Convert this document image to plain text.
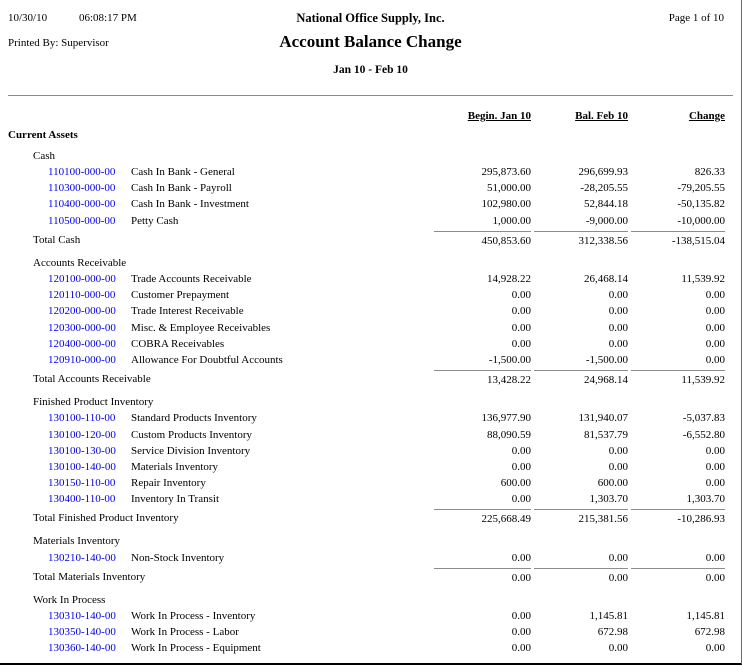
10/30/10	06:08:17 PM
Printed By: Supervisor
National Office Supply, Inc.
Account Balance Change
Jan 10 - Feb 10
Page 1 of 10
Begin. Jan 10	Bal. Feb 10	Change
Current Assets
Cash
110100-000-00	Cash In Bank - General	295,873.60	296,699.93	826.33
110300-000-00	Cash In Bank - Payroll	51,000.00	-28,205.55	-79,205.55
110400-000-00	Cash In Bank - Investment	102,980.00	52,844.18	-50,135.82
110500-000-00	Petty Cash	1,000.00	-9,000.00	-10,000.00
Total Cash	450,853.60	312,338.56	-138,515.04
Accounts Receivable
120100-000-00	Trade Accounts Receivable	14,928.22	26,468.14	11,539.92
120110-000-00	Customer Prepayment	0.00	0.00	0.00
120200-000-00	Trade Interest Receivable	0.00	0.00	0.00
120300-000-00	Misc. & Employee Receivables	0.00	0.00	0.00
120400-000-00	COBRA Receivables	0.00	0.00	0.00
120910-000-00	Allowance For Doubtful Accounts	-1,500.00	-1,500.00	0.00
Total Accounts Receivable	13,428.22	24,968.14	11,539.92
Finished Product Inventory
130100-110-00	Standard Products Inventory	136,977.90	131,940.07	-5,037.83
130100-120-00	Custom Products Inventory	88,090.59	81,537.79	-6,552.80
130100-130-00	Service Division Inventory	0.00	0.00	0.00
130100-140-00	Materials Inventory	0.00	0.00	0.00
130150-110-00	Repair Inventory	600.00	600.00	0.00
130400-110-00	Inventory In Transit	0.00	1,303.70	1,303.70
Total Finished Product Inventory	225,668.49	215,381.56	-10,286.93
Materials Inventory
130210-140-00	Non-Stock Inventory	0.00	0.00	0.00
Total Materials Inventory	0.00	0.00	0.00
Work In Process
130310-140-00	Work In Process - Inventory	0.00	1,145.81	1,145.81
130350-140-00	Work In Process - Labor	0.00	672.98	672.98
130360-140-00	Work In Process - Equipment	0.00	0.00	0.00
